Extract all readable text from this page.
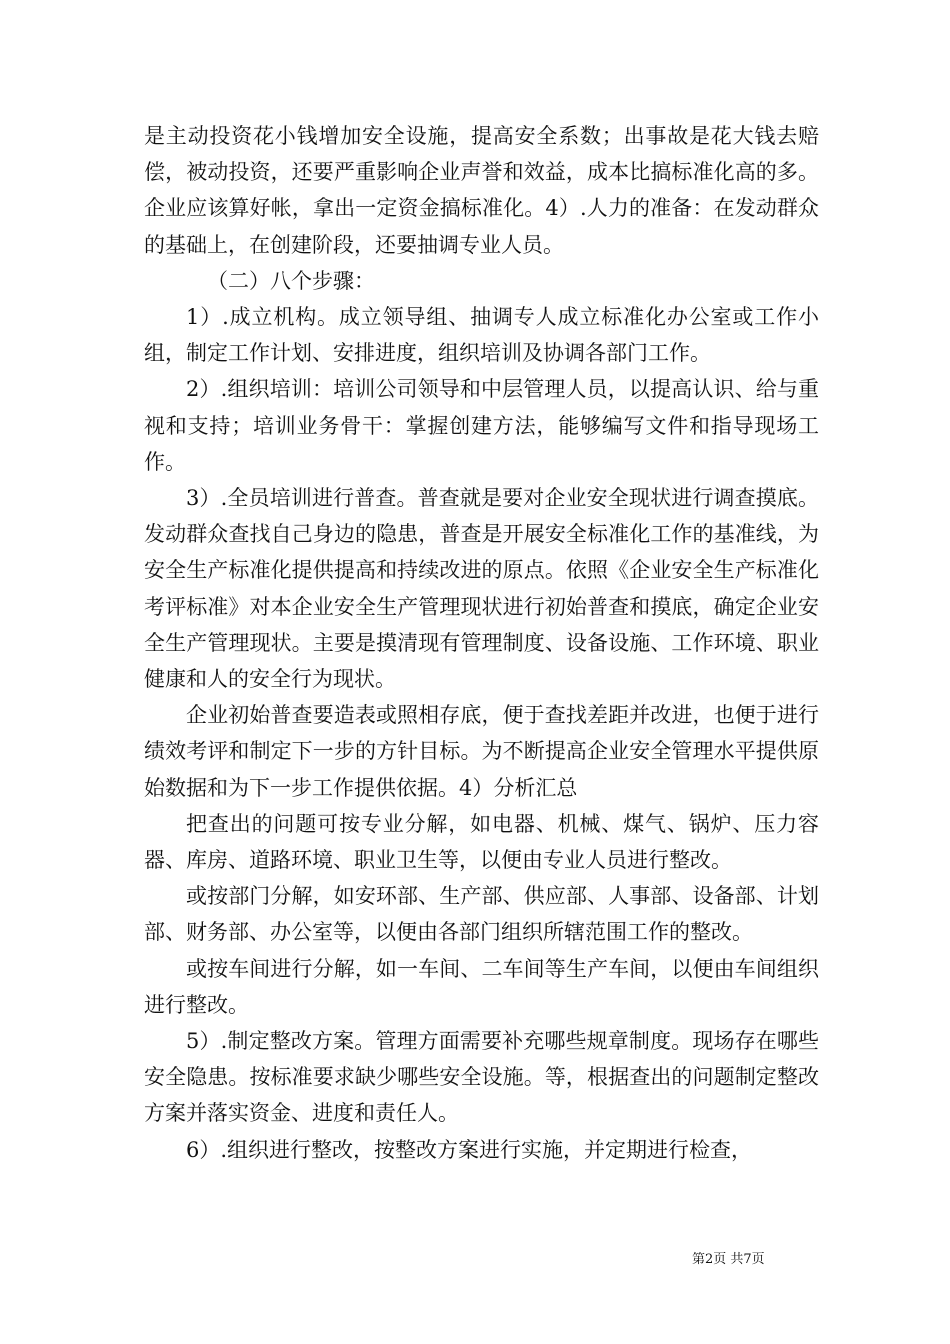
是主动投资花小钱增加安全设施，提高安全系数；出事故是花大钱去赔偿，被动投资，还要严重影响企业声誉和效益，成本比搞标准化高的多。企业应该算好帐，拿出一定资金搞标准化。4）.人力的准备：在发动群众的基础上，在创建阶段，还要抽调专业人员。

（二）八个步骤：

1）.成立机构。成立领导组、抽调专人成立标准化办公室或工作小组，制定工作计划、安排进度，组织培训及协调各部门工作。

2）.组织培训：培训公司领导和中层管理人员，以提高认识、给与重视和支持；培训业务骨干：掌握创建方法，能够编写文件和指导现场工作。

3）.全员培训进行普查。普查就是要对企业安全现状进行调查摸底。发动群众查找自己身边的隐患，普查是开展安全标准化工作的基准线，为安全生产标准化提供提高和持续改进的原点。依照《企业安全生产标准化考评标准》对本企业安全生产管理现状进行初始普查和摸底，确定企业安全生产管理现状。主要是摸清现有管理制度、设备设施、工作环境、职业健康和人的安全行为现状。

企业初始普查要造表或照相存底，便于查找差距并改进，也便于进行绩效考评和制定下一步的方针目标。为不断提高企业安全管理水平提供原始数据和为下一步工作提供依据。4）分析汇总

把查出的问题可按专业分解，如电器、机械、煤气、锅炉、压力容器、库房、道路环境、职业卫生等，以便由专业人员进行整改。

或按部门分解，如安环部、生产部、供应部、人事部、设备部、计划部、财务部、办公室等，以便由各部门组织所辖范围工作的整改。

或按车间进行分解，如一车间、二车间等生产车间，以便由车间组织进行整改。

5）.制定整改方案。管理方面需要补充哪些规章制度。现场存在哪些安全隐患。按标准要求缺少哪些安全设施。等，根据查出的问题制定整改方案并落实资金、进度和责任人。

6）.组织进行整改，按整改方案进行实施，并定期进行检查，

第2页 共7页
